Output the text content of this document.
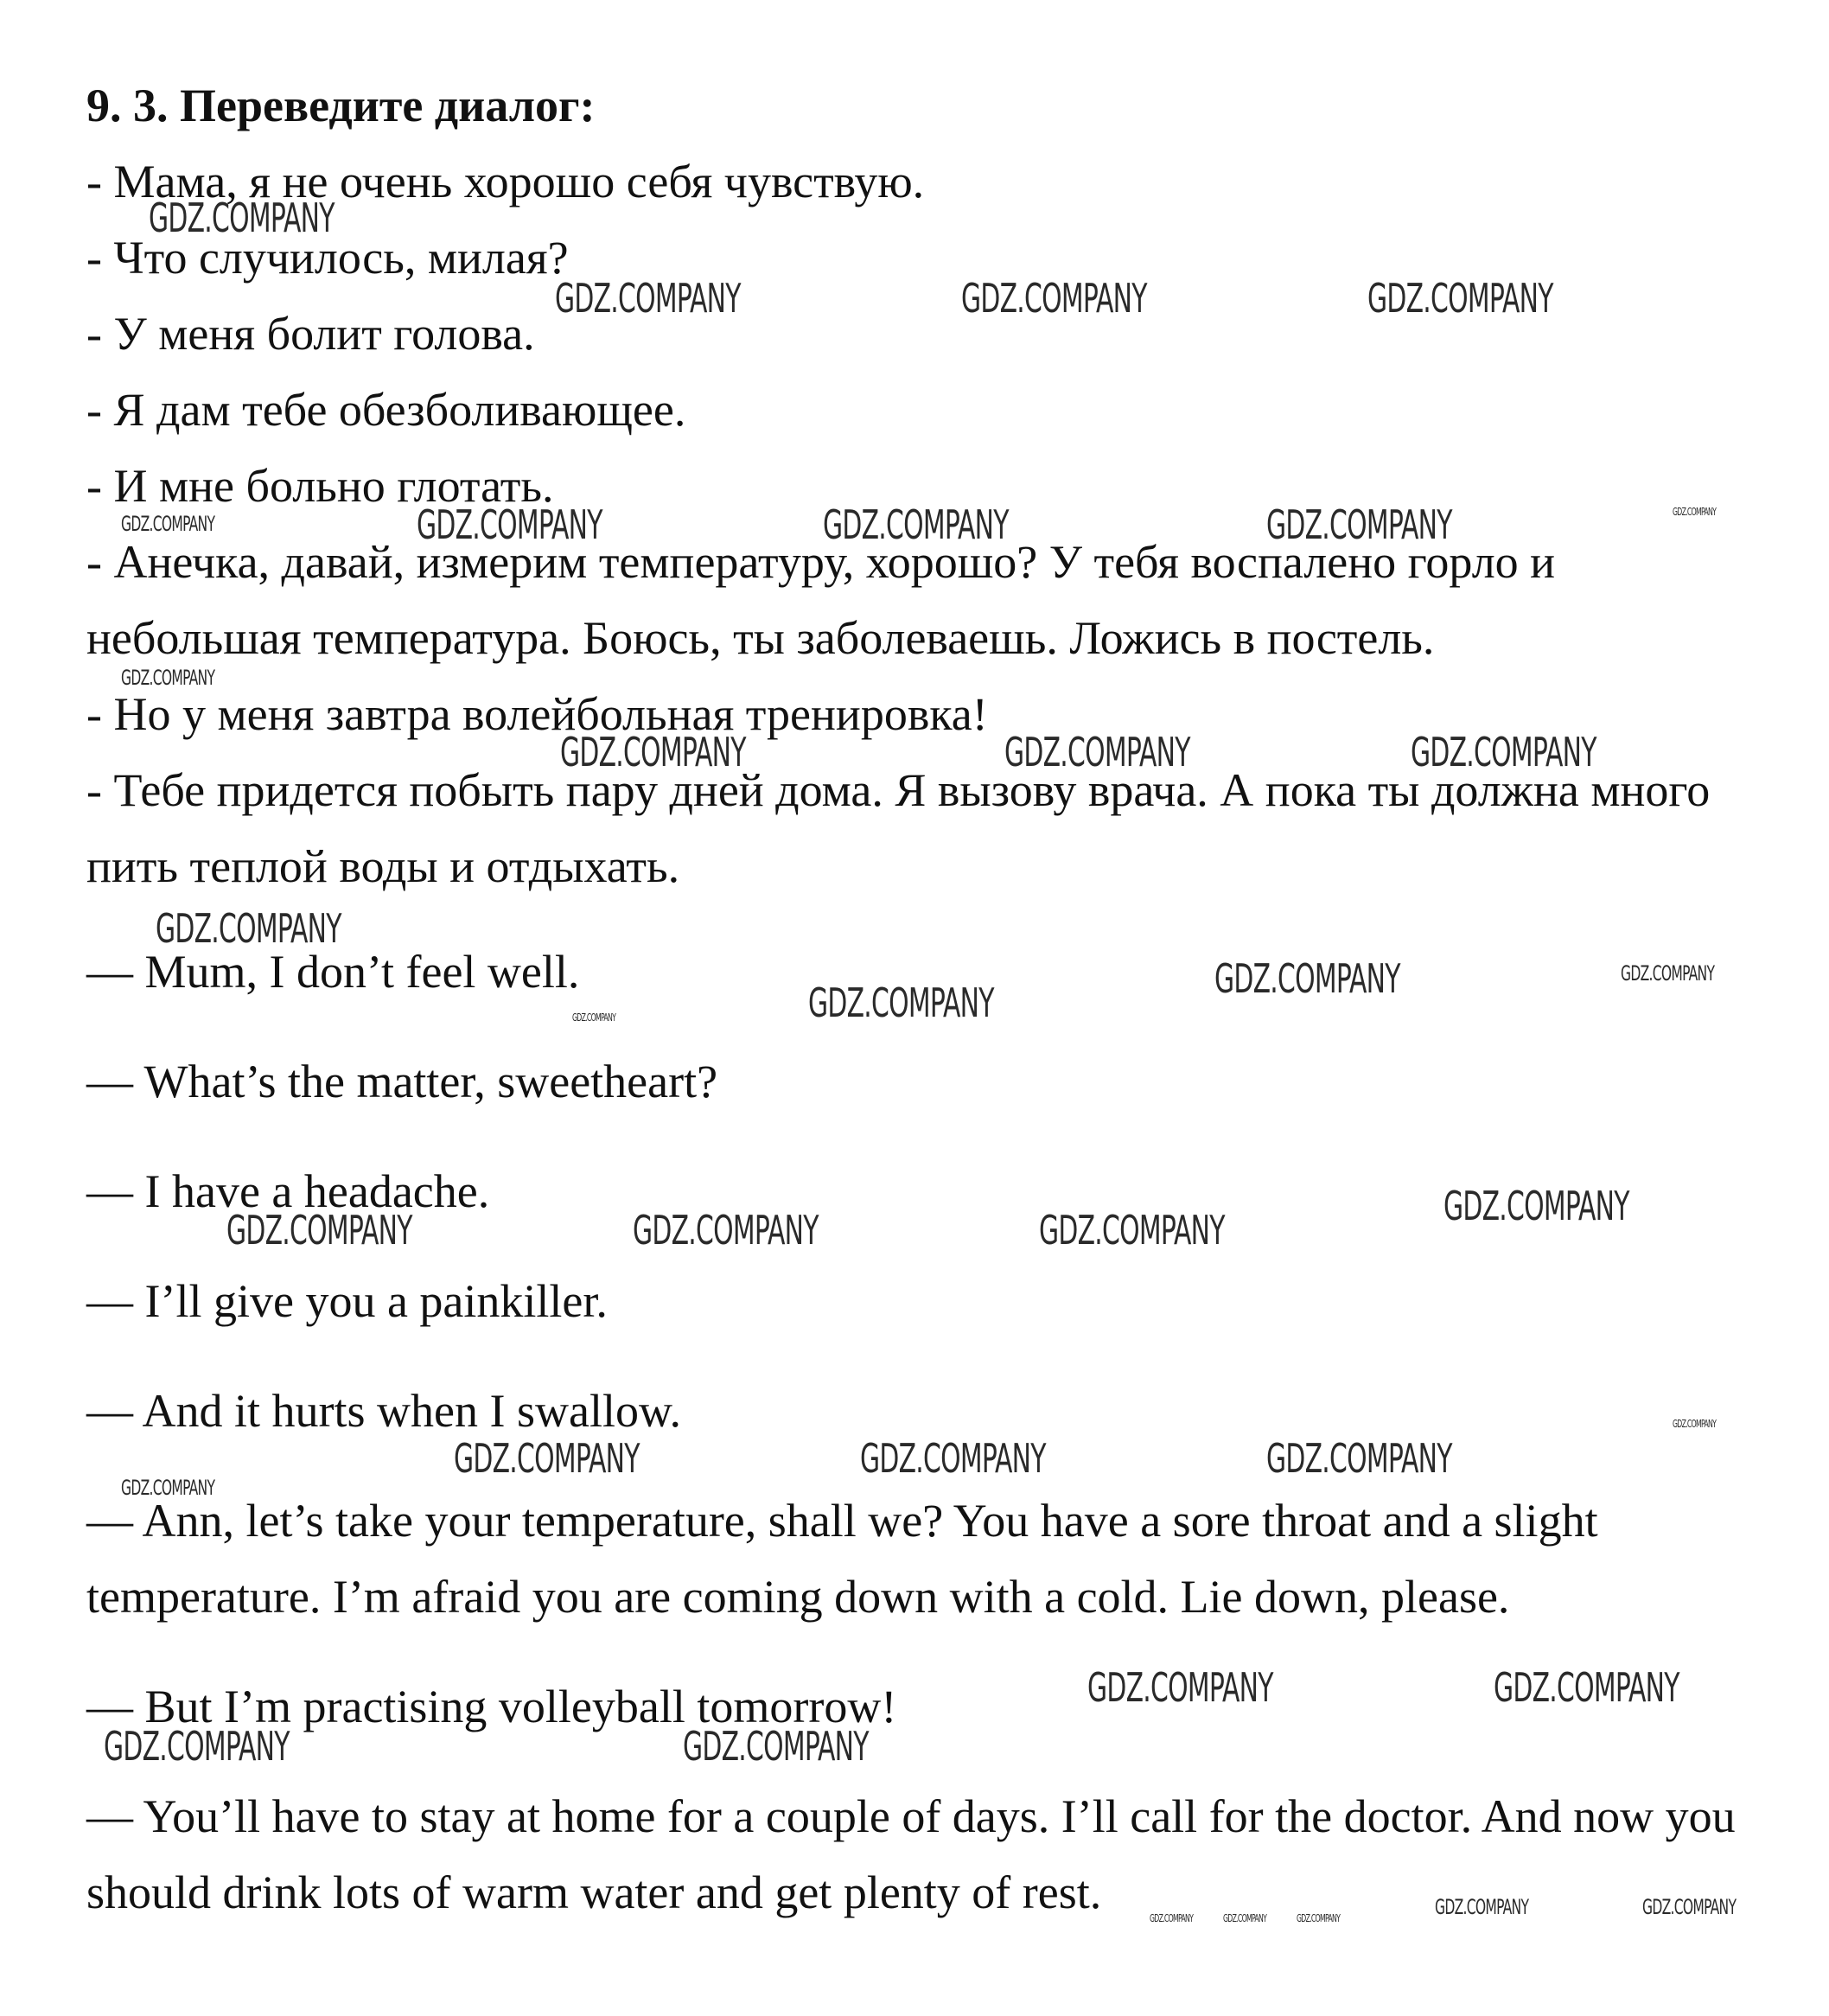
9. 3. Переведите диалог:

- Мама, я не очень хорошо себя чувствую.

- Что случилось, милая?

- У меня болит голова.

- Я дам тебе обезболивающее.

- И мне больно глотать.

- Анечка, давай, измерим температуру, хорошо? У тебя воспалено горло и небольшая температура. Боюсь, ты заболеваешь. Ложись в постель.

- Но у меня завтра волейбольная тренировка!

- Тебе придется побыть пару дней дома. Я вызову врача. А пока ты должна много пить теплой воды и отдыхать.

— Mum, I don’t feel well.

— What’s the matter, sweetheart?

— I have a headache.

— I’ll give you a painkiller.

— And it hurts when I swallow.

— Ann, let’s take your temperature, shall we? You have a sore throat and a slight temperature. I’m afraid you are coming down with a cold. Lie down, please.

— But I’m practising volleyball tomorrow!

— You’ll have to stay at home for a couple of days. I’ll call for the doctor. And now you should drink lots of warm water and get plenty of rest.

GDZ.COMPANY
GDZ.COMPANY	GDZ.COMPANY	GDZ.COMPANY
GDZ.COMPANY	GDZ.COMPANY	GDZ.COMPANY	GDZ.COMPANY	GDZ.COMPANY
GDZ.COMPANY
GDZ.COMPANY	GDZ.COMPANY	GDZ.COMPANY
GDZ.COMPANY
GDZ.COMPANY	GDZ.COMPANY
GDZ.COMPANY	GDZ.COMPANY
GDZ.COMPANY
GDZ.COMPANY	GDZ.COMPANY	GDZ.COMPANY
GDZ.COMPANY
GDZ.COMPANY	GDZ.COMPANY	GDZ.COMPANY
GDZ.COMPANY
GDZ.COMPANY	GDZ.COMPANY
GDZ.COMPANY	GDZ.COMPANY
GDZ.COMPANY	GDZ.COMPANY	GDZ.COMPANY	GDZ.COMPANY	GDZ.COMPANY
